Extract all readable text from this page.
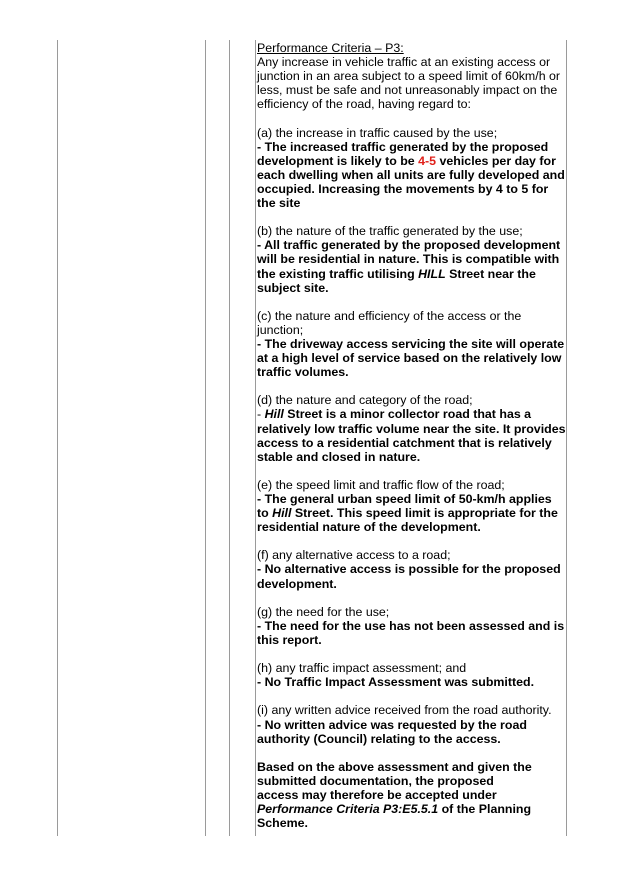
Performance Criteria – P3:

Any increase in vehicle traffic at an existing access or junction in an area subject to a speed limit of 60km/h or less, must be safe and not unreasonably impact on the efficiency of the road, having regard to:

(a) the increase in traffic caused by the use;

- The increased traffic generated by the proposed development is likely to be 4-5 vehicles per day for each dwelling when all units are fully developed and occupied. Increasing the movements by 4 to 5 for the site

(b) the nature of the traffic generated by the use;

- All traffic generated by the proposed development will be residential in nature. This is compatible with the existing traffic utilising HILL Street near the subject site.

(c) the nature and efficiency of the access or the junction;

- The driveway access servicing the site will operate at a high level of service based on the relatively low traffic volumes.

(d) the nature and category of the road;

- Hill Street is a minor collector road that has a relatively low traffic volume near the site. It provides access to a residential catchment that is relatively stable and closed in nature.

(e) the speed limit and traffic flow of the road;

- The general urban speed limit of 50-km/h applies to Hill Street. This speed limit is appropriate for the residential nature of the development.

(f) any alternative access to a road;

- No alternative access is possible for the proposed development.

(g) the need for the use;

- The need for the use has not been assessed and is this report.

(h) any traffic impact assessment; and

- No Traffic Impact Assessment was submitted.

(i) any written advice received from the road authority.

- No written advice was requested by the road authority (Council) relating to the access.

Based on the above assessment and given the submitted documentation, the proposed

access may therefore be accepted under

Performance Criteria P3:E5.5.1 of the Planning Scheme.
